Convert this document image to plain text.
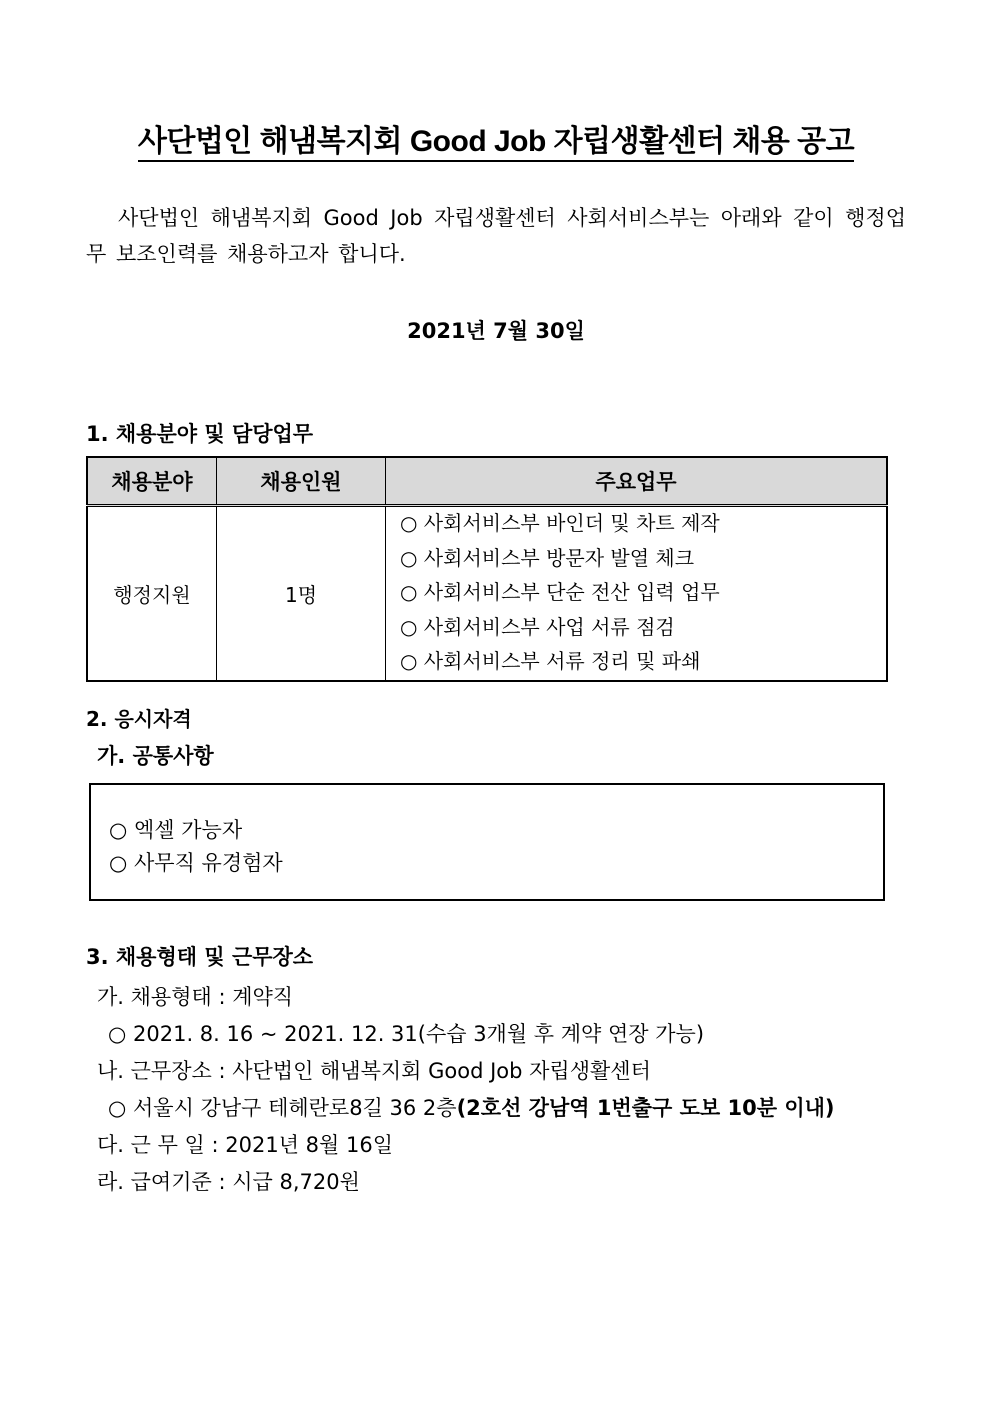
사단법인 해냄복지회 Good Job 자립생활센터 채용 공고
사단법인 해냄복지회 Good Job 자립생활센터 사회서비스부는 아래와 같이 행정업무 보조인력를 채용하고자 합니다.
2021년 7월 30일
1. 채용분야 및 담당업무
채용분야	채용인원	주요업무
행정지원	1명	○ 사회서비스부 바인더 및 차트 제작
○ 사회서비스부 방문자 발열 체크
○ 사회서비스부 단순 전산 입력 업무
○ 사회서비스부 사업 서류 점검
○ 사회서비스부 서류 정리 및 파쇄
2. 응시자격
가. 공통사항
○ 엑셀 가능자
○ 사무직 유경험자
3. 채용형태 및 근무장소
가. 채용형태 : 계약직
○ 2021. 8. 16 ~ 2021. 12. 31(수습 3개월 후 계약 연장 가능)
나. 근무장소 : 사단법인 해냄복지회 Good Job 자립생활센터
○ 서울시 강남구 테헤란로8길 36 2층(2호선 강남역 1번출구 도보 10분 이내)
다. 근 무 일 : 2021년 8월 16일
라. 급여기준 : 시급 8,720원
